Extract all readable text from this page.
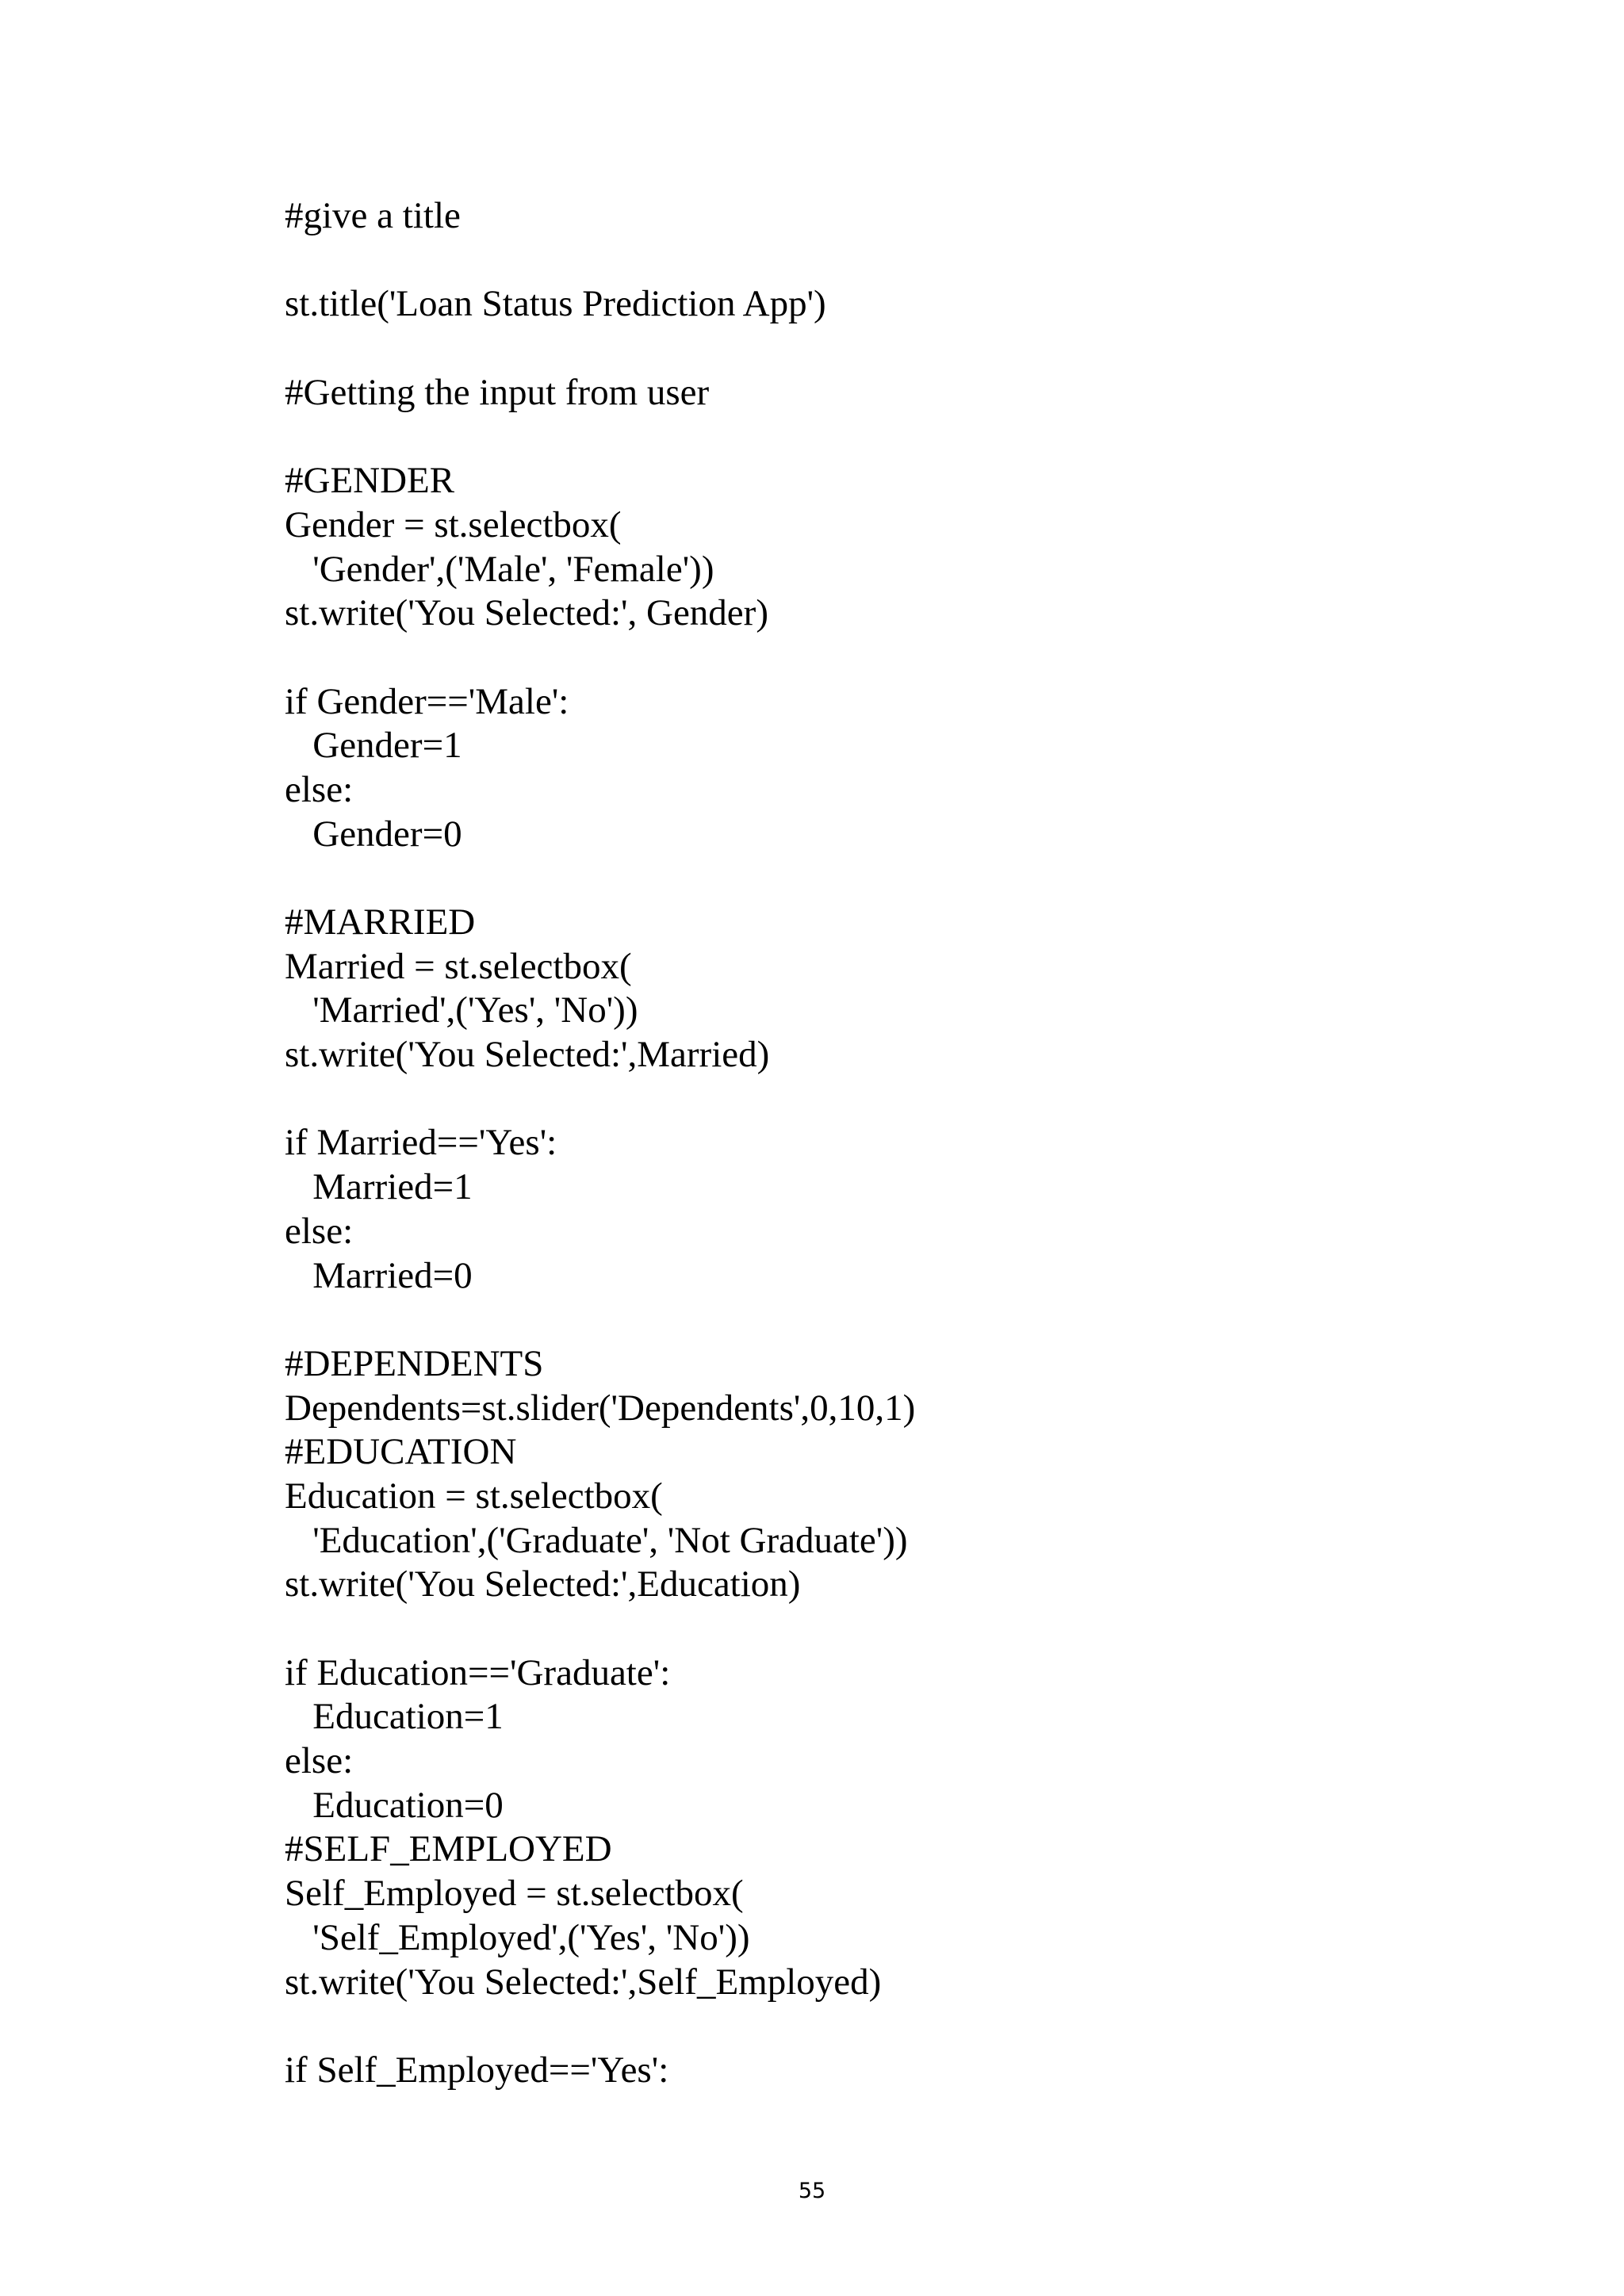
#give a title
st.title('Loan Status Prediction App')
#Getting the input from user
#GENDER
Gender = st.selectbox(
'Gender',('Male', 'Female'))
st.write('You Selected:', Gender)
if Gender=='Male':
Gender=1
else:
Gender=0
#MARRIED
Married = st.selectbox(
'Married',('Yes', 'No'))
st.write('You Selected:',Married)
if Married=='Yes':
Married=1
else:
Married=0
#DEPENDENTS
Dependents=st.slider('Dependents',0,10,1)
#EDUCATION
Education = st.selectbox(
'Education',('Graduate', 'Not Graduate'))
st.write('You Selected:',Education)
if Education=='Graduate':
Education=1
else:
Education=0
#SELF_EMPLOYED
Self_Employed = st.selectbox(
'Self_Employed',('Yes', 'No'))
st.write('You Selected:',Self_Employed)
if Self_Employed=='Yes':
55
